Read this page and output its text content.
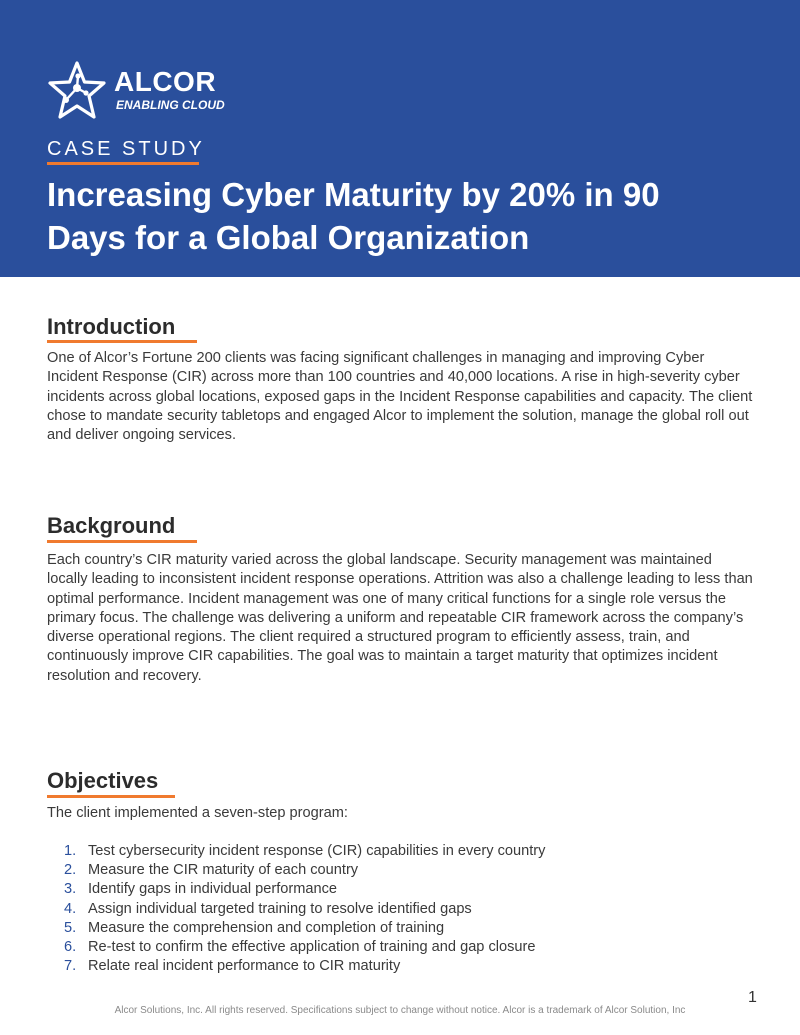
ALCOR
ENABLING CLOUD
CASE STUDY
Increasing Cyber Maturity by 20% in 90 Days for a Global Organization
Introduction

One of Alcor’s Fortune 200 clients was facing significant challenges in managing and improving Cyber Incident Response (CIR) across more than 100 countries and 40,000 locations. A rise in high-severity cyber incidents across global locations, exposed gaps in the Incident Response capabilities and capacity. The client chose to mandate security tabletops and engaged Alcor to implement the solution, manage the global roll out and deliver ongoing services.

Background

Each country’s CIR maturity varied across the global landscape. Security management was maintained locally leading to inconsistent incident response operations. Attrition was also a challenge leading to less than optimal performance. Incident management was one of many critical functions for a single role versus the primary focus. The challenge was delivering a uniform and repeatable CIR framework across the company’s diverse operational regions. The client required a structured program to efficiently assess, train, and continuously improve CIR capabilities. The goal was to maintain a target maturity that optimizes incident resolution and recovery.

Objectives

The client implemented a seven-step program:

1. Test cybersecurity incident response (CIR) capabilities in every country
2. Measure the CIR maturity of each country
3. Identify gaps in individual performance
4. Assign individual targeted training to resolve identified gaps
5. Measure the comprehension and completion of training
6. Re-test to confirm the effective application of training and gap closure
7. Relate real incident performance to CIR maturity
1
Alcor Solutions, Inc. All rights reserved. Specifications subject to change without notice. Alcor is a trademark of Alcor Solution, Inc
